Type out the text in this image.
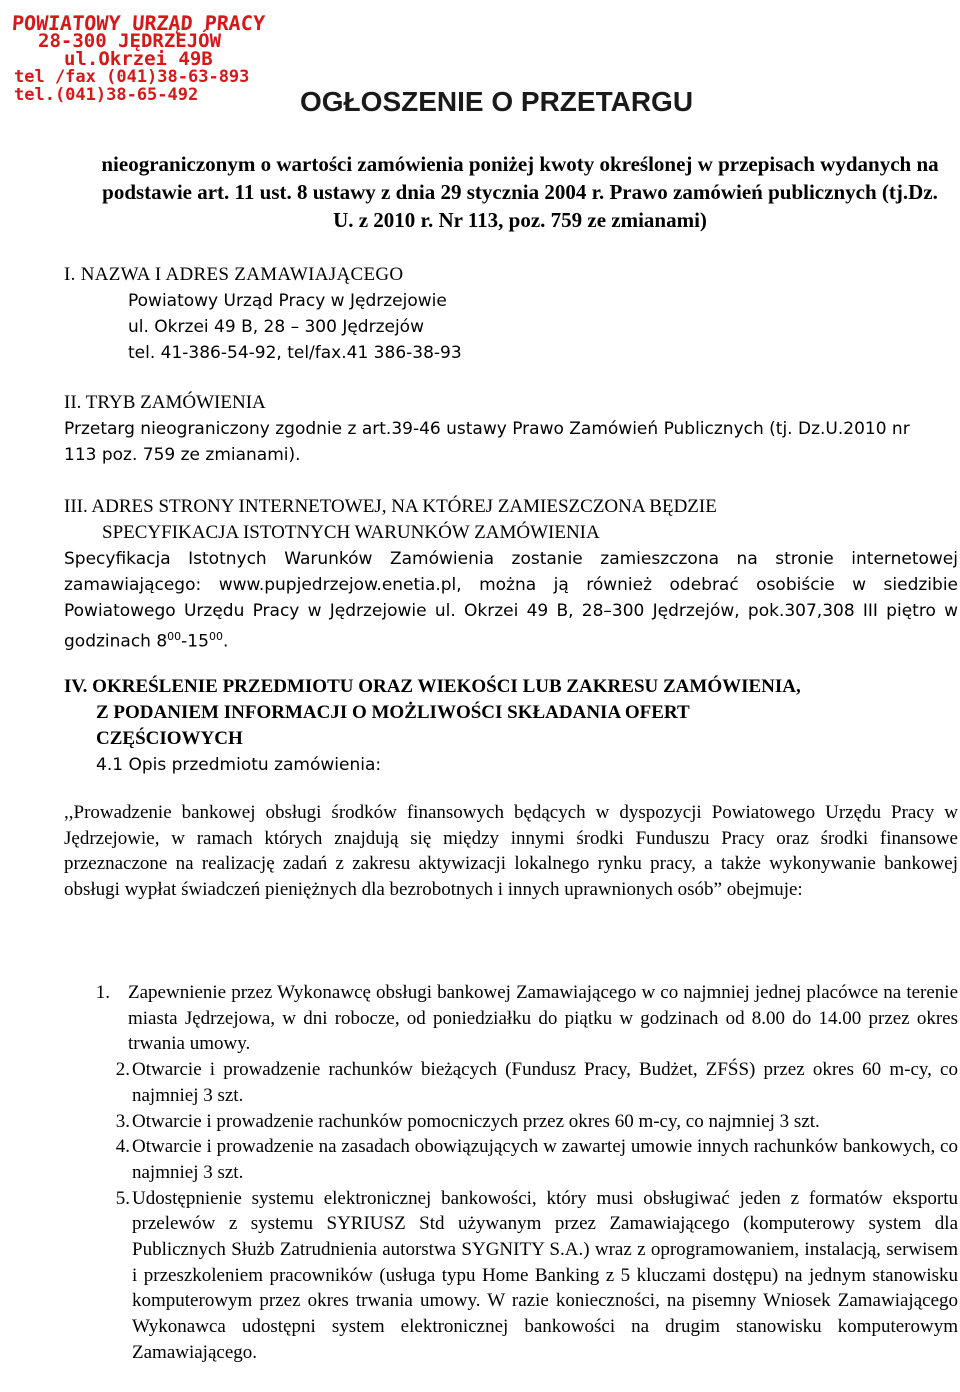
POWIATOWY URZĄD PRACY
28-300 JĘDRZEJÓW
ul.Okrzei 49B
tel /fax (041)38-63-893
tel.(041)38-65-492	OGŁOSZENIE O PRZETARGU
nieograniczonym o wartości zamówienia poniżej kwoty określonej w przepisach wydanych na podstawie art. 11 ust. 8 ustawy z dnia 29 stycznia 2004 r. Prawo zamówień publicznych (tj.Dz. U. z 2010 r. Nr 113, poz. 759 ze zmianami)
I. NAZWA I ADRES ZAMAWIAJĄCEGO
Powiatowy Urząd Pracy w Jędrzejowie
ul. Okrzei 49 B, 28 – 300 Jędrzejów
tel. 41-386-54-92, tel/fax.41 386-38-93
II. TRYB ZAMÓWIENIA
Przetarg nieograniczony zgodnie z art.39-46 ustawy Prawo Zamówień Publicznych (tj. Dz.U.2010 nr 113 poz. 759 ze zmianami).
III. ADRES STRONY INTERNETOWEJ, NA KTÓREJ ZAMIESZCZONA BĘDZIE
SPECYFIKACJA ISTOTNYCH WARUNKÓW ZAMÓWIENIA
Specyfikacja Istotnych Warunków Zamówienia zostanie zamieszczona na stronie internetowej zamawiającego: www.pupjedrzejow.enetia.pl, można ją również odebrać osobiście w siedzibie Powiatowego Urzędu Pracy w Jędrzejowie ul. Okrzei 49 B, 28–300 Jędrzejów, pok.307,308 III piętro w godzinach $8^{00}-15^{00}$.
IV. OKREŚLENIE PRZEDMIOTU ORAZ WIEKOŚCI LUB ZAKRESU ZAMÓWIENIA,
Z PODANIEM INFORMACJI O MOŻLIWOŚCI SKŁADANIA OFERT
CZĘŚCIOWYCH
4.1 Opis przedmiotu zamówienia:
,,Prowadzenie bankowej obsługi środków finansowych będących w dyspozycji Powiatowego Urzędu Pracy w Jędrzejowie, w ramach których znajdują się między innymi środki Funduszu Pracy oraz środki finansowe przeznaczone na realizację zadań z zakresu aktywizacji lokalnego rynku pracy, a także wykonywanie bankowej obsługi wypłat świadczeń pieniężnych dla bezrobotnych i innych uprawnionych osób” obejmuje:
1. Zapewnienie przez Wykonawcę obsługi bankowej Zamawiającego w co najmniej jednej placówce na terenie miasta Jędrzejowa, w dni robocze, od poniedziałku do piątku w godzinach od 8.00 do 14.00 przez okres trwania umowy.
2. Otwarcie i prowadzenie rachunków bieżących (Fundusz Pracy, Budżet, ZFŚS) przez okres 60 m-cy, co najmniej 3 szt.
3. Otwarcie i prowadzenie rachunków pomocniczych przez okres 60 m-cy, co najmniej 3 szt.
4. Otwarcie i prowadzenie na zasadach obowiązujących w zawartej umowie innych rachunków bankowych, co najmniej 3 szt.
5. Udostępnienie systemu elektronicznej bankowości, który musi obsługiwać jeden z formatów eksportu przelewów z systemu SYRIUSZ Std używanym przez Zamawiającego (komputerowy system dla Publicznych Służb Zatrudnienia autorstwa SYGNITY S.A.) wraz z oprogramowaniem, instalacją, serwisem i przeszkoleniem pracowników (usługa typu Home Banking z 5 kluczami dostępu) na jednym stanowisku komputerowym przez okres trwania umowy. W razie konieczności, na pisemny Wniosek Zamawiającego Wykonawca udostępni system elektronicznej bankowości na drugim stanowisku komputerowym Zamawiającego.
